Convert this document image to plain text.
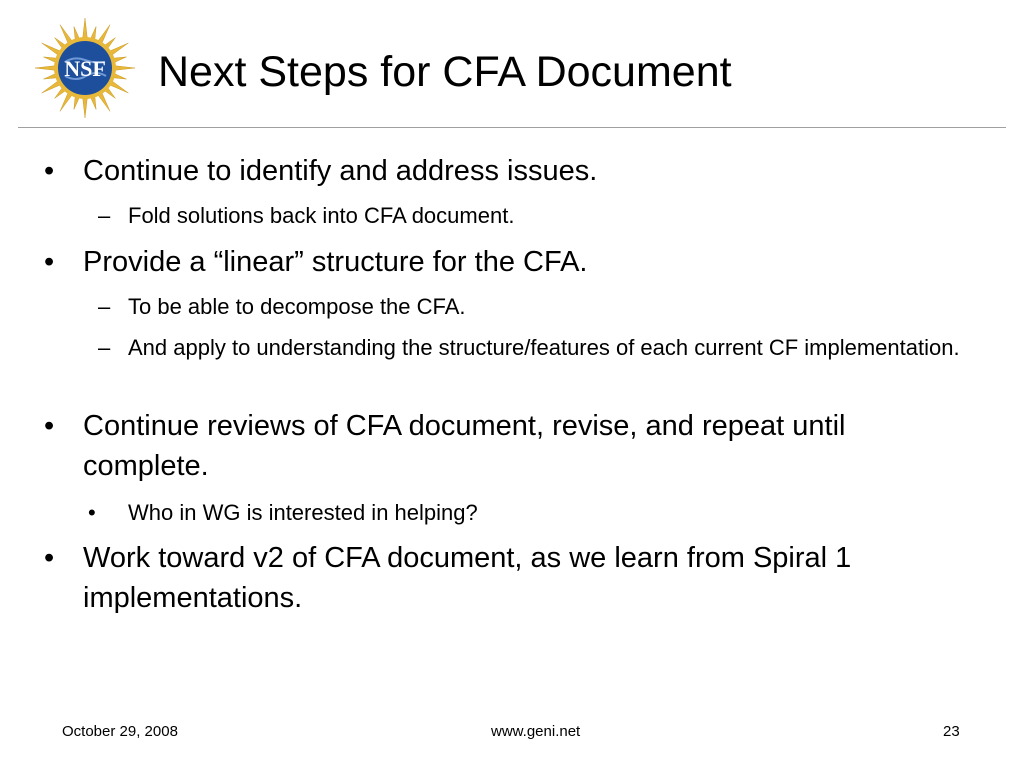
NSF Next Steps for CFA Document

• Continue to identify and address issues.

– Fold solutions back into CFA document.

• Provide a “linear” structure for the CFA.

– To be able to decompose the CFA.

– And apply to understanding the structure/features of each current CF implementation.

• Continue reviews of CFA document, revise, and repeat until complete.

• Who in WG is interested in helping?

• Work toward v2 of CFA document, as we learn from Spiral 1 implementations.

October 29, 2008	www.geni.net	23
